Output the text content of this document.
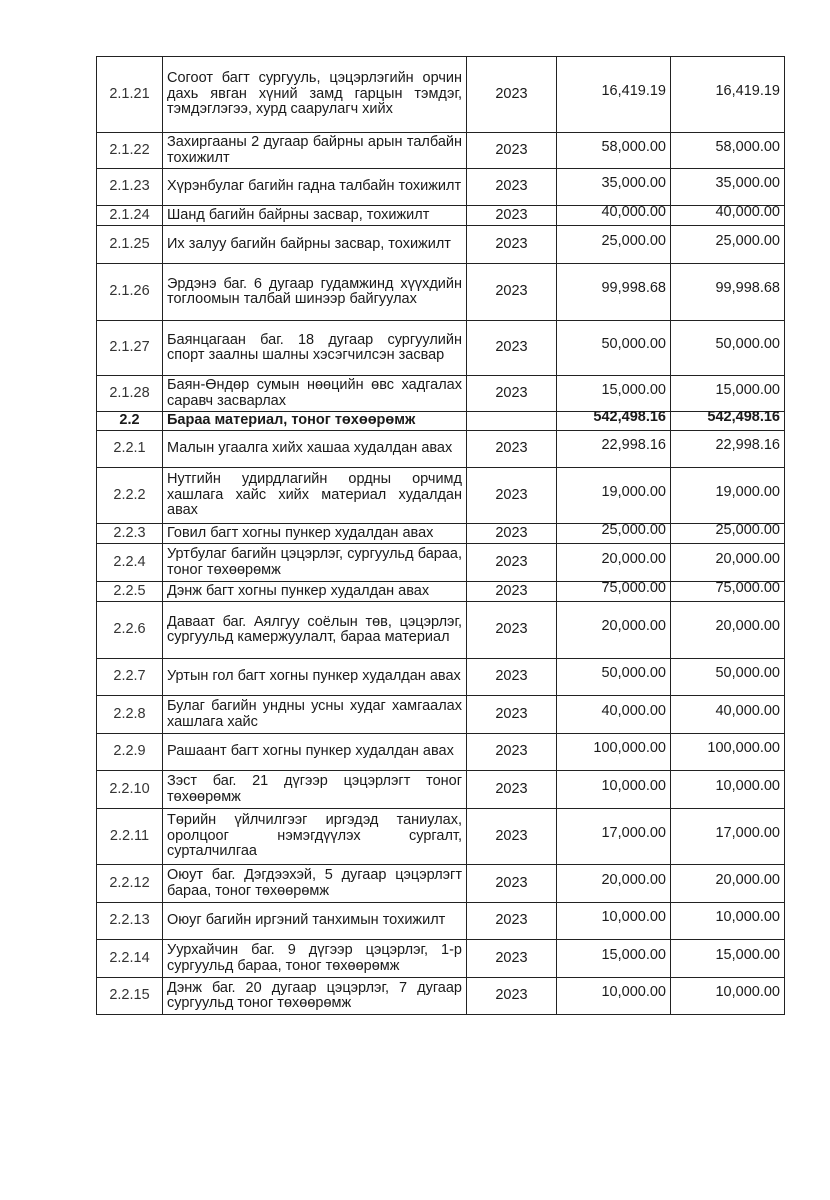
2.1.21	Согоот багт сургууль, цэцэрлэгийн орчин дахь явган хүний замд гарцын тэмдэг, тэмдэглэгээ, хурд саарулагч хийх	2023	16,419.19	16,419.19
2.1.22	Захиргааны 2 дугаар байрны арын талбайн тохижилт	2023	58,000.00	58,000.00
2.1.23	Хүрэнбулаг багийн гадна талбайн тохижилт	2023	35,000.00	35,000.00
2.1.24	Шанд багийн байрны засвар, тохижилт	2023	40,000.00	40,000.00
2.1.25	Их залуу багийн байрны засвар, тохижилт	2023	25,000.00	25,000.00
2.1.26	Эрдэнэ баг. 6 дугаар гудамжинд хүүхдийн тоглоомын талбай шинээр байгуулах	2023	99,998.68	99,998.68
2.1.27	Баянцагаан баг. 18 дугаар сургуулийн спорт заалны шалны хэсэгчилсэн засвар	2023	50,000.00	50,000.00
2.1.28	Баян-Өндөр сумын нөөцийн өвс хадгалах саравч засварлах	2023	15,000.00	15,000.00
2.2	Бараа материал, тоног төхөөрөмж		542,498.16	542,498.16
2.2.1	Малын угаалга хийх хашаа худалдан авах	2023	22,998.16	22,998.16
2.2.2	Нутгийн удирдлагийн ордны орчимд хашлага хайс хийх материал худалдан авах	2023	19,000.00	19,000.00
2.2.3	Говил багт хогны пункер худалдан авах	2023	25,000.00	25,000.00
2.2.4	Уртбулаг багийн цэцэрлэг, сургуульд бараа, тоног төхөөрөмж	2023	20,000.00	20,000.00
2.2.5	Дэнж багт хогны пункер худалдан авах	2023	75,000.00	75,000.00
2.2.6	Даваат баг. Аялгуу соёлын төв, цэцэрлэг, сургуульд камержуулалт, бараа материал	2023	20,000.00	20,000.00
2.2.7	Уртын гол багт хогны пункер худалдан авах	2023	50,000.00	50,000.00
2.2.8	Булаг багийн ундны усны худаг хамгаалах хашлага хайс	2023	40,000.00	40,000.00
2.2.9	Рашаант багт хогны пункер худалдан авах	2023	100,000.00	100,000.00
2.2.10	Зэст баг. 21 дүгээр цэцэрлэгт тоног төхөөрөмж	2023	10,000.00	10,000.00
2.2.11	Төрийн үйлчилгээг иргэдэд таниулах, оролцоог нэмэгдүүлэх сургалт, сурталчилгаа	2023	17,000.00	17,000.00
2.2.12	Оюут баг. Дэгдээхэй, 5 дугаар цэцэрлэгт бараа, тоног төхөөрөмж	2023	20,000.00	20,000.00
2.2.13	Оюуг багийн иргэний танхимын тохижилт	2023	10,000.00	10,000.00
2.2.14	Уурхайчин баг. 9 дүгээр цэцэрлэг, 1-р сургуульд бараа, тоног төхөөрөмж	2023	15,000.00	15,000.00
2.2.15	Дэнж баг. 20 дугаар цэцэрлэг, 7 дугаар сургуульд тоног төхөөрөмж	2023	10,000.00	10,000.00
